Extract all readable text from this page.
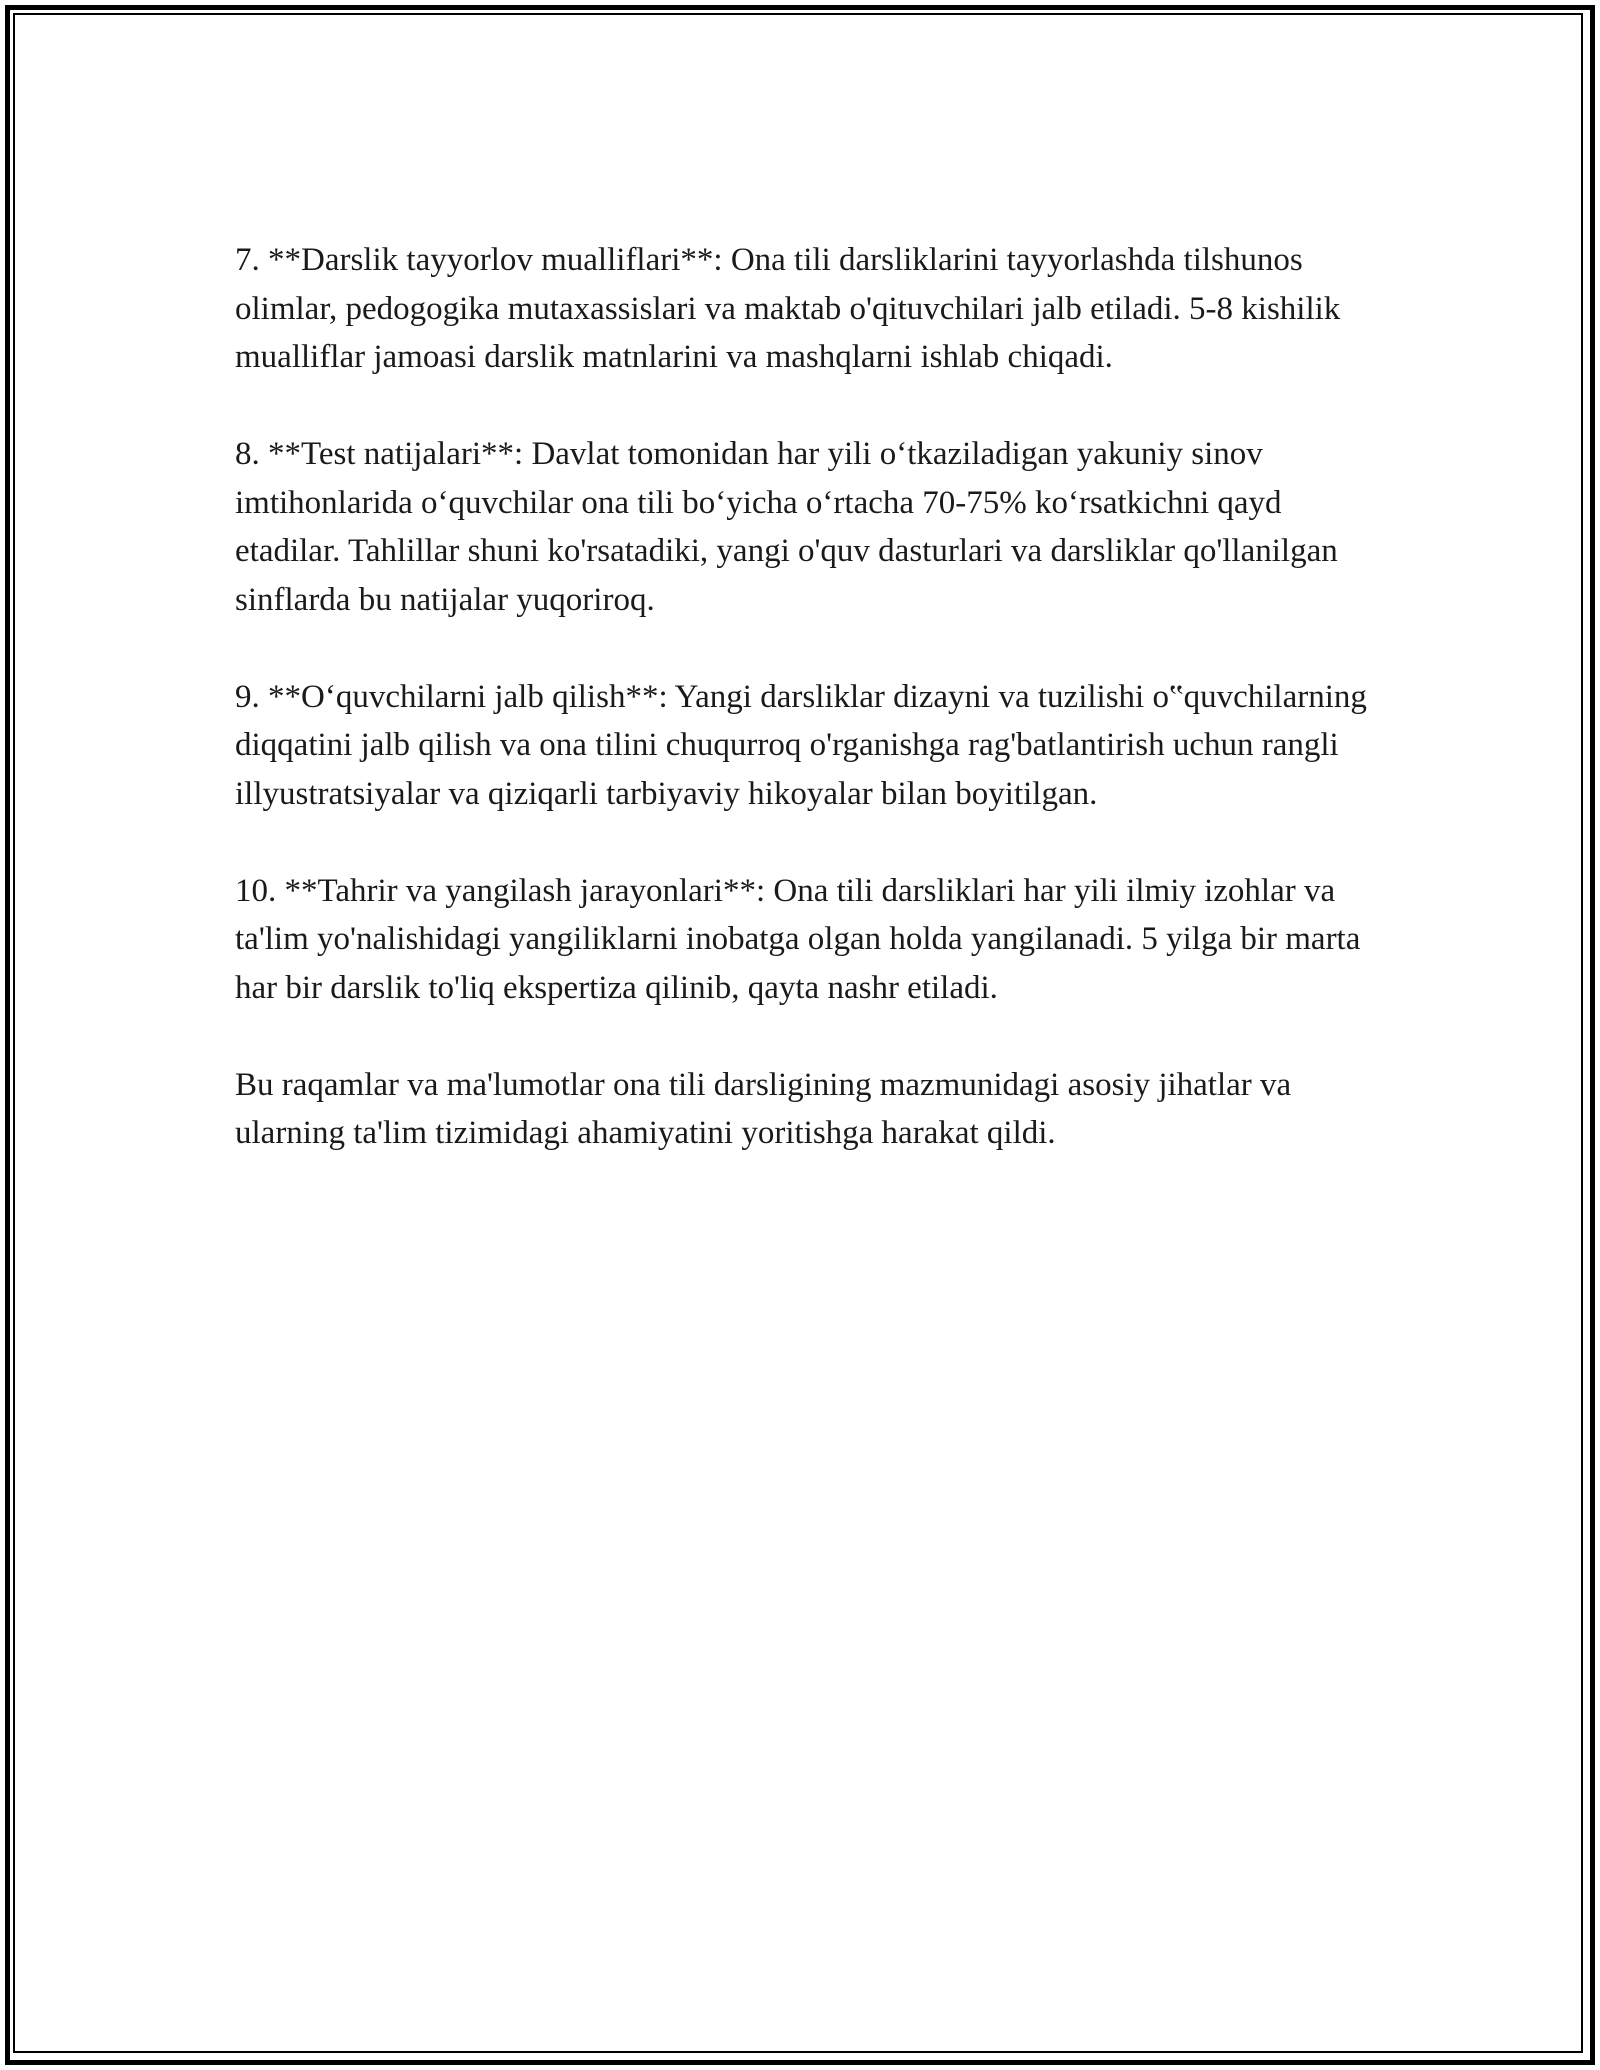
7. **Darslik tayyorlov mualliflari**: Ona tili darsliklarini tayyorlashda tilshunos olimlar, pedogogika mutaxassislari va maktab o'qituvchilari jalb etiladi. 5-8 kishilik mualliflar jamoasi darslik matnlarini va mashqlarni ishlab chiqadi.

8. **Test natijalari**: Davlat tomonidan har yili o‘tkaziladigan yakuniy sinov imtihonlarida o‘quvchilar ona tili bo‘yicha o‘rtacha 70-75% ko‘rsatkichni qayd etadilar. Tahlillar shuni ko'rsatadiki, yangi o'quv dasturlari va darsliklar qo'llanilgan sinflarda bu natijalar yuqoriroq.

9. **O‘quvchilarni jalb qilish**: Yangi darsliklar dizayni va tuzilishi o‟quvchilarning diqqatini jalb qilish va ona tilini chuqurroq o'rganishga rag'batlantirish uchun rangli illyustratsiyalar va qiziqarli tarbiyaviy hikoyalar bilan boyitilgan.

10. **Tahrir va yangilash jarayonlari**: Ona tili darsliklari har yili ilmiy izohlar va ta'lim yo'nalishidagi yangiliklarni inobatga olgan holda yangilanadi. 5 yilga bir marta har bir darslik to'liq ekspertiza qilinib, qayta nashr etiladi.

Bu raqamlar va ma'lumotlar ona tili darsligining mazmunidagi asosiy jihatlar va ularning ta'lim tizimidagi ahamiyatini yoritishga harakat qildi.
